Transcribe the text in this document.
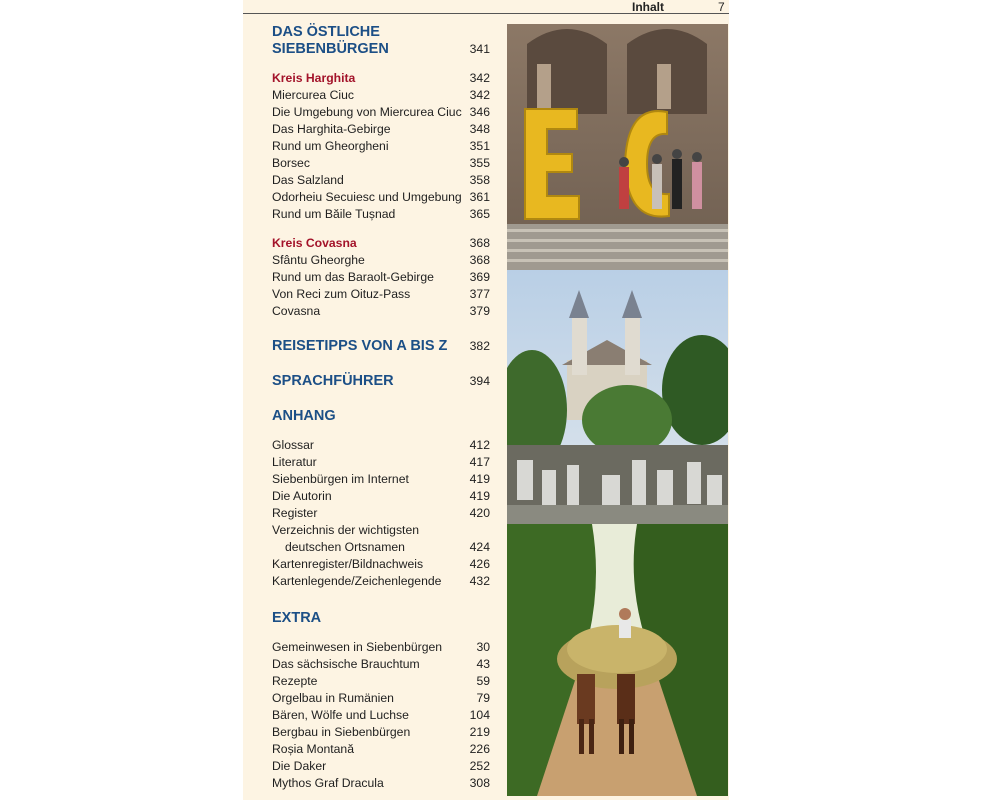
Inhalt	7
DAS ÖSTLICHE
SIEBENBÜRGEN	341
Kreis Harghita	342
Miercurea Ciuc	342
Die Umgebung von Miercurea Ciuc 346
Das Harghita-Gebirge	348
Rund um Gheorgheni	351
Borsec	355
Das Salzland	358
Odorheiu Secuiesc und Umgebung 361
Rund um Băile Tușnad	365
Kreis Covasna	368
Sfântu Gheorghe	368
Rund um das Baraolt-Gebirge	369
Von Reci zum Oituz-Pass	377
Covasna	379
REISETIPPS VON A BIS Z 382
SPRACHFÜHRER	394
ANHANG
Glossar	412
Literatur	417
Siebenbürgen im Internet	419
Die Autorin	419
Register	420
Verzeichnis der wichtigsten
deutschen Ortsnamen	424
Kartenregister/Bildnachweis	426
Kartenlegende/Zeichenlegende 432
EXTRA
Gemeinwesen in Siebenbürgen	30
Das sächsische Brauchtum	43
Rezepte	59
Orgelbau in Rumänien	79
Bären, Wölfe und Luchse	104
Bergbau in Siebenbürgen	219
Roșia Montană	226
Die Daker	252
Mythos Graf Dracula	308
